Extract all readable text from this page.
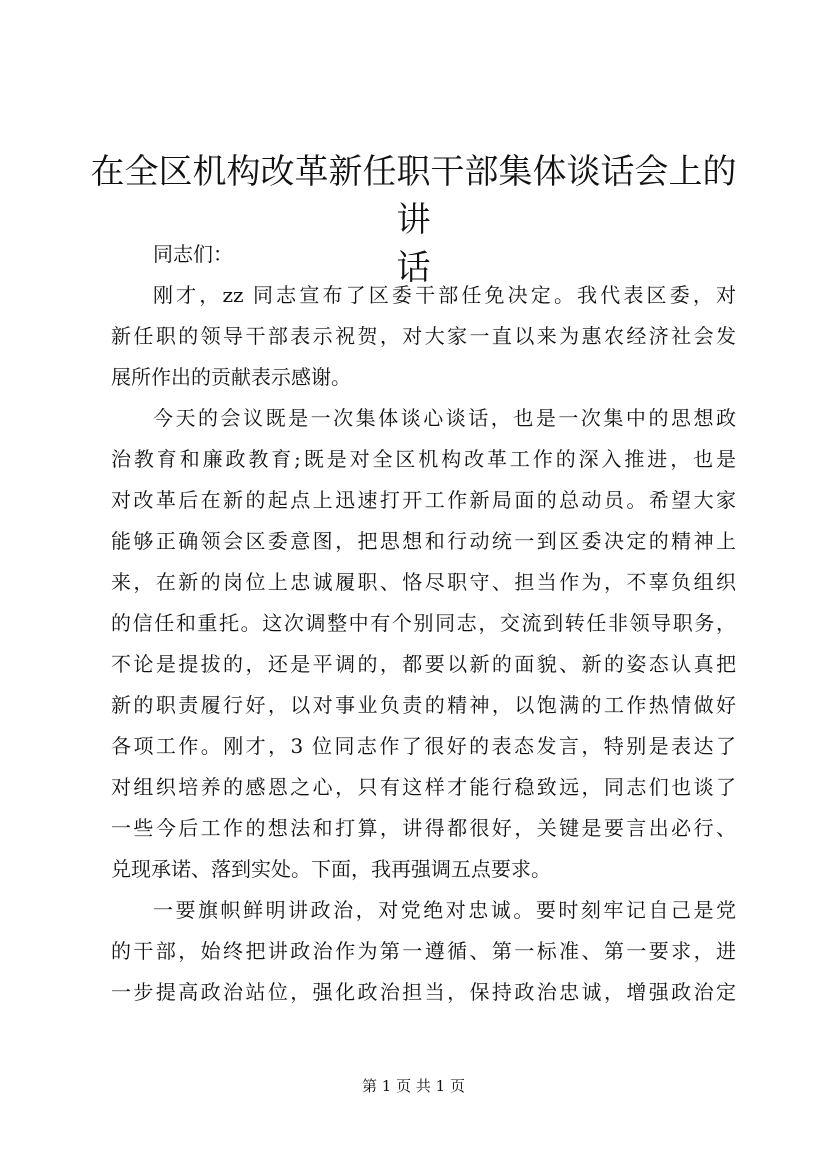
在全区机构改革新任职干部集体谈话会上的讲
话
同志们：
刚才，zz 同志宣布了区委干部任免决定。我代表区委，对
新任职的领导干部表示祝贺，对大家一直以来为惠农经济社会发
展所作出的贡献表示感谢。
今天的会议既是一次集体谈心谈话，也是一次集中的思想政
治教育和廉政教育;既是对全区机构改革工作的深入推进，也是
对改革后在新的起点上迅速打开工作新局面的总动员。希望大家
能够正确领会区委意图，把思想和行动统一到区委决定的精神上
来，在新的岗位上忠诚履职、恪尽职守、担当作为，不辜负组织
的信任和重托。这次调整中有个别同志，交流到转任非领导职务，
不论是提拔的，还是平调的，都要以新的面貌、新的姿态认真把
新的职责履行好，以对事业负责的精神，以饱满的工作热情做好
各项工作。刚才，3 位同志作了很好的表态发言，特别是表达了
对组织培养的感恩之心，只有这样才能行稳致远，同志们也谈了
一些今后工作的想法和打算，讲得都很好，关键是要言出必行、
兑现承诺、落到实处。下面，我再强调五点要求。
一要旗帜鲜明讲政治，对党绝对忠诚。要时刻牢记自己是党
的干部，始终把讲政治作为第一遵循、第一标准、第一要求，进
一步提高政治站位，强化政治担当，保持政治忠诚，增强政治定
第 1 页 共 1 页
